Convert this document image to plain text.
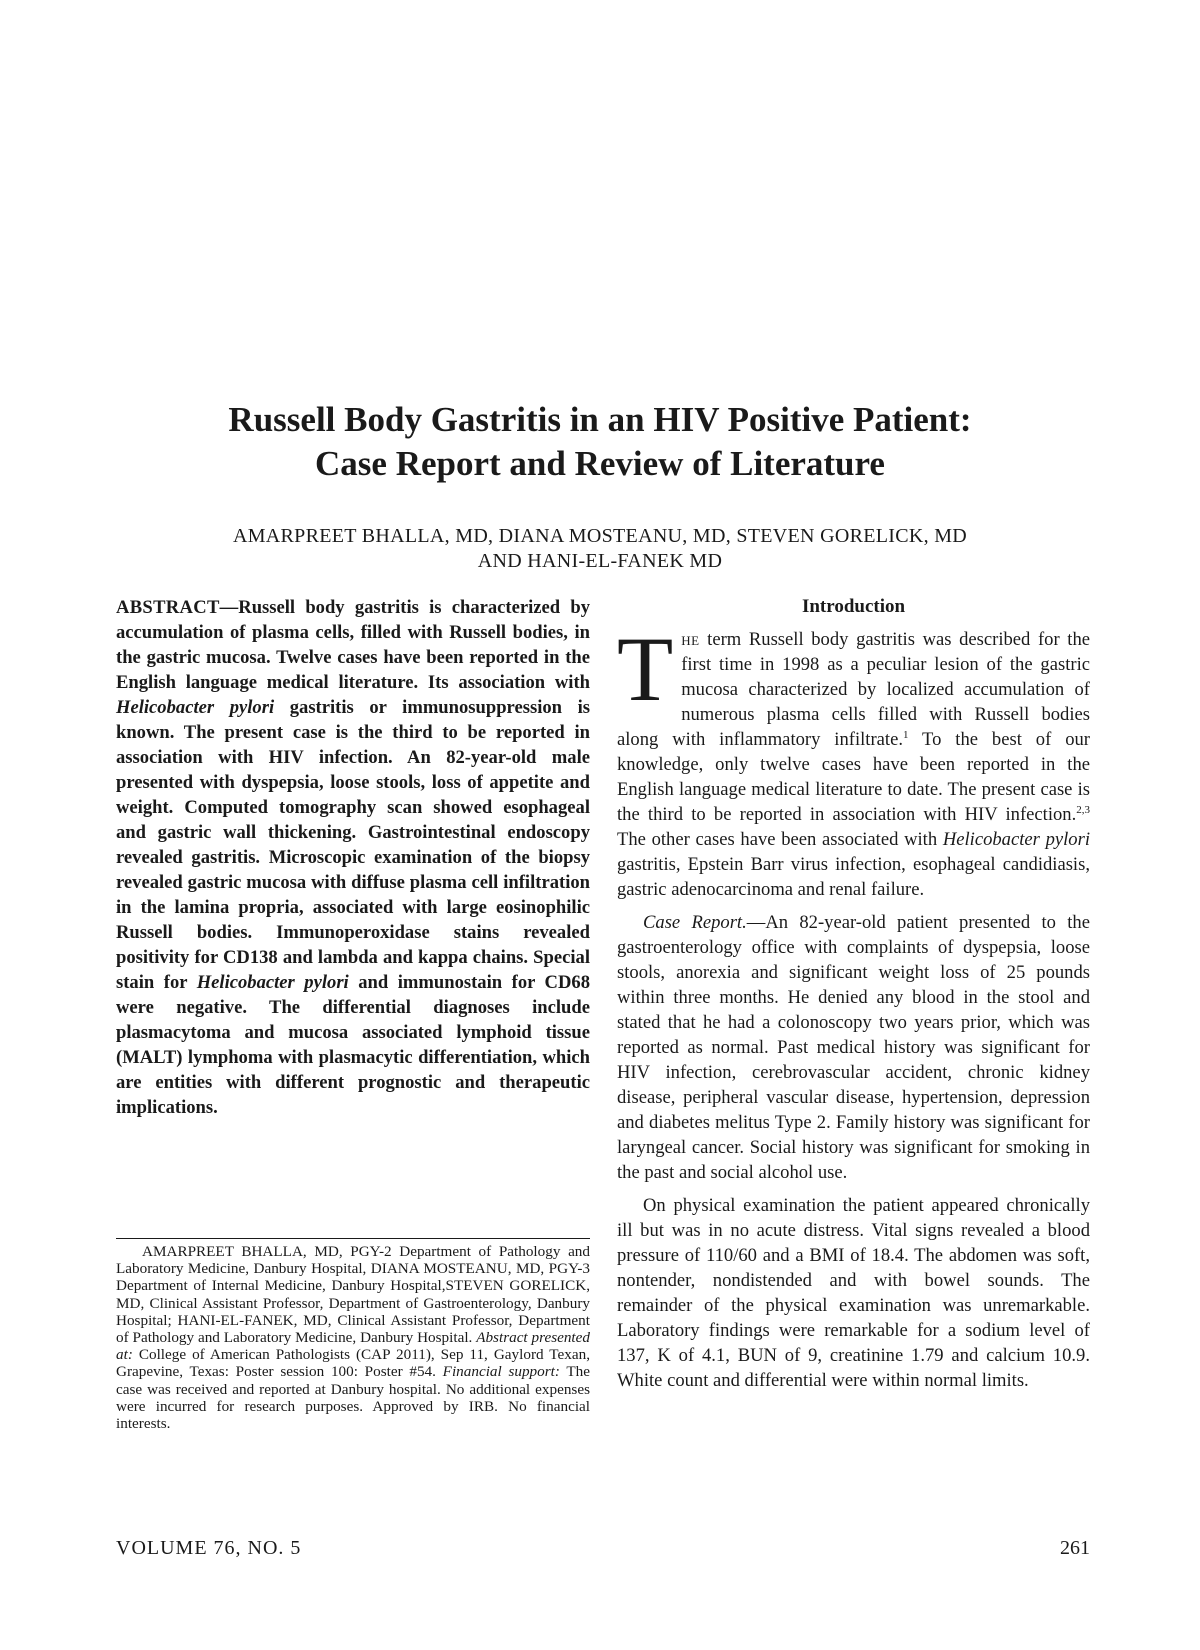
Russell Body Gastritis in an HIV Positive Patient:
Case Report and Review of Literature
AMARPREET BHALLA, MD, DIANA MOSTEANU, MD, STEVEN GORELICK, MD
AND HANI-EL-FANEK MD

ABSTRACT—Russell body gastritis is characterized by accumulation of plasma cells, filled with Russell bodies, in the gastric mucosa. Twelve cases have been reported in the English language medical literature. Its association with Helicobacter pylori gastritis or immunosuppression is known. The present case is the third to be reported in association with HIV infection. An 82-year-old male presented with dyspepsia, loose stools, loss of appetite and weight. Computed tomography scan showed esophageal and gastric wall thickening. Gastrointestinal endoscopy revealed gastritis. Microscopic examination of the biopsy revealed gastric mucosa with diffuse plasma cell infiltration in the lamina propria, associated with large eosinophilic Russell bodies. Immunoperoxidase stains revealed positivity for CD138 and lambda and kappa chains. Special stain for Helicobacter pylori and immunostain for CD68 were negative. The differential diagnoses include plasmacytoma and mucosa associated lymphoid tissue (MALT) lymphoma with plasmacytic differentiation, which are entities with different prognostic and therapeutic implications.

AMARPREET BHALLA, MD, PGY-2 Department of Pathology and Laboratory Medicine, Danbury Hospital, DIANA MOSTEANU, MD, PGY-3 Department of Internal Medicine, Danbury Hospital,STEVEN GORELICK, MD, Clinical Assistant Professor, Department of Gastroenterology, Danbury Hospital; HANI-EL-FANEK, MD, Clinical Assistant Professor, Department of Pathology and Laboratory Medicine, Danbury Hospital. Abstract presented at: College of American Pathologists (CAP 2011), Sep 11, Gaylord Texan, Grapevine, Texas: Poster session 100: Poster #54. Financial support: The case was received and reported at Danbury hospital. No additional expenses were incurred for research purposes. Approved by IRB. No financial interests.

Introduction

The term Russell body gastritis was described for the first time in 1998 as a peculiar lesion of the gastric mucosa characterized by localized accumulation of numerous plasma cells filled with Russell bodies along with inflammatory infiltrate.$^1$ To the best of our knowledge, only twelve cases have been reported in the English language medical literature to date. The present case is the third to be reported in association with HIV infection.$^{2,3}$ The other cases have been associated with Helicobacter pylori gastritis, Epstein Barr virus infection, esophageal candidiasis, gastric adenocarcinoma and renal failure.

Case Report.—An 82-year-old patient presented to the gastroenterology office with complaints of dyspepsia, loose stools, anorexia and significant weight loss of 25 pounds within three months. He denied any blood in the stool and stated that he had a colonoscopy two years prior, which was reported as normal. Past medical history was significant for HIV infection, cerebrovascular accident, chronic kidney disease, peripheral vascular disease, hypertension, depression and diabetes melitus Type 2. Family history was significant for laryngeal cancer. Social history was significant for smoking in the past and social alcohol use.

On physical examination the patient appeared chronically ill but was in no acute distress. Vital signs revealed a blood pressure of 110/60 and a BMI of 18.4. The abdomen was soft, nontender, nondistended and with bowel sounds. The remainder of the physical examination was unremarkable. Laboratory findings were remarkable for a sodium level of 137, K of 4.1, BUN of 9, creatinine 1.79 and calcium 10.9. White count and differential were within normal limits.

VOLUME 76, NO. 5	261
